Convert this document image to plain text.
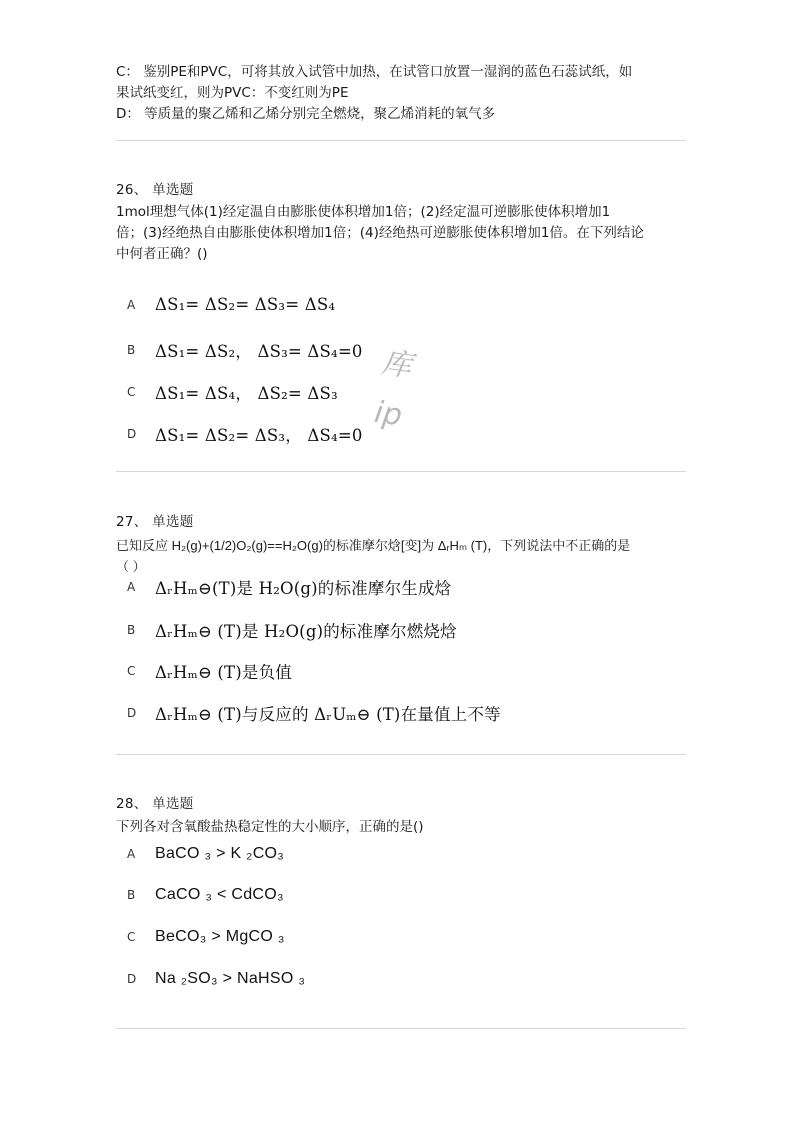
C： 鉴别PE和PVC，可将其放入试管中加热，在试管口放置一湿润的蓝色石蕊试纸，如
果试纸变红，则为PVC：不变红则为PE
D： 等质量的聚乙烯和乙烯分别完全燃烧，聚乙烯消耗的氧气多
26、 单选题
1mol理想气体(1)经定温自由膨胀使体积增加1倍；(2)经定温可逆膨胀使体积增加1
倍；(3)经绝热自由膨胀使体积增加1倍；(4)经绝热可逆膨胀使体积增加1倍。在下列结论
中何者正确？()
A	ΔS₁= ΔS₂= ΔS₃= ΔS₄
B	ΔS₁= ΔS₂， ΔS₃= ΔS₄=0
C	ΔS₁= ΔS₄， ΔS₂= ΔS₃
D	ΔS₁= ΔS₂= ΔS₃， ΔS₄=0
库
ip
27、 单选题
已知反应 H₂(g)+(1/2)O₂(g)==H₂O(g)的标准摩尔焓[变]为 ΔᵣHₘ (T)，下列说法中不正确的是
（ ）
A	ΔᵣHₘ⊖(T)是 H₂O(g)的标准摩尔生成焓
B	ΔᵣHₘ⊖ (T)是 H₂O(g)的标准摩尔燃烧焓
C	ΔᵣHₘ⊖ (T)是负值
D	ΔᵣHₘ⊖ (T)与反应的 ΔᵣUₘ⊖ (T)在量值上不等
28、 单选题
下列各对含氧酸盐热稳定性的大小顺序，正确的是()
A	BaCO ₃ > K ₂CO₃
B	CaCO ₃ < CdCO₃
C	BeCO₃ > MgCO ₃
D	Na ₂SO₃ > NaHSO ₃
